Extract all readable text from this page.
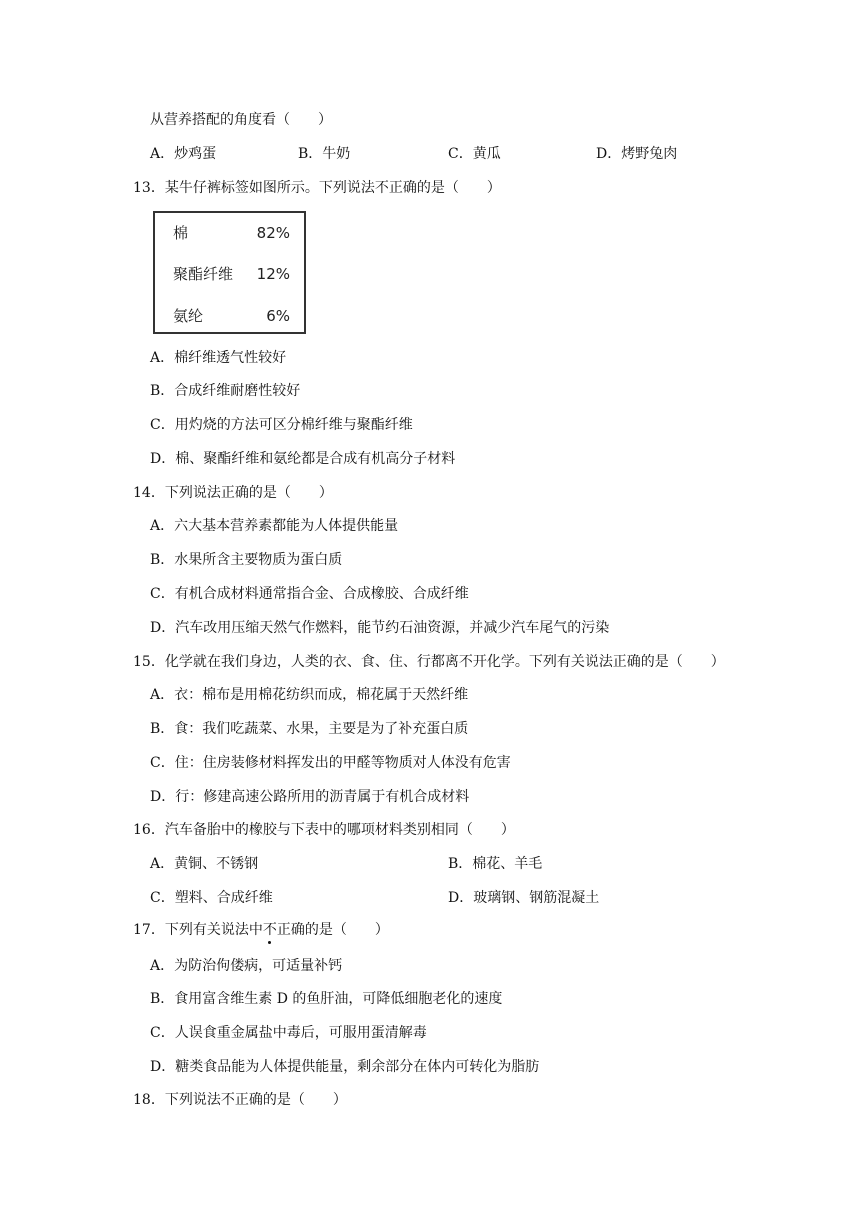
从营养搭配的角度看（　　）
A．炒鸡蛋	B．牛奶	C．黄瓜	D．烤野兔肉
13．某牛仔裤标签如图所示。下列说法不正确的是（　　）
棉	82%
聚酯纤维 12%
氨纶	6%
A．棉纤维透气性较好
B．合成纤维耐磨性较好
C．用灼烧的方法可区分棉纤维与聚酯纤维
D．棉、聚酯纤维和氨纶都是合成有机高分子材料
14．下列说法正确的是（　　）
A．六大基本营养素都能为人体提供能量
B．水果所含主要物质为蛋白质
C．有机合成材料通常指合金、合成橡胶、合成纤维
D．汽车改用压缩天然气作燃料，能节约石油资源，并减少汽车尾气的污染
15．化学就在我们身边，人类的衣、食、住、行都离不开化学。下列有关说法正确的是（　　）
A．衣：棉布是用棉花纺织而成，棉花属于天然纤维
B．食：我们吃蔬菜、水果，主要是为了补充蛋白质
C．住：住房装修材料挥发出的甲醛等物质对人体没有危害
D．行：修建高速公路所用的沥青属于有机合成材料
16．汽车备胎中的橡胶与下表中的哪项材料类别相同（　　）
A．黄铜、不锈钢	B．棉花、羊毛
C．塑料、合成纤维	D．玻璃钢、钢筋混凝土
17．下列有关说法中不正确的是（　　）
A．为防治佝偻病，可适量补钙
B．食用富含维生素 D 的鱼肝油，可降低细胞老化的速度
C．人误食重金属盐中毒后，可服用蛋清解毒
D．糖类食品能为人体提供能量，剩余部分在体内可转化为脂肪
18．下列说法不正确的是（　　）
